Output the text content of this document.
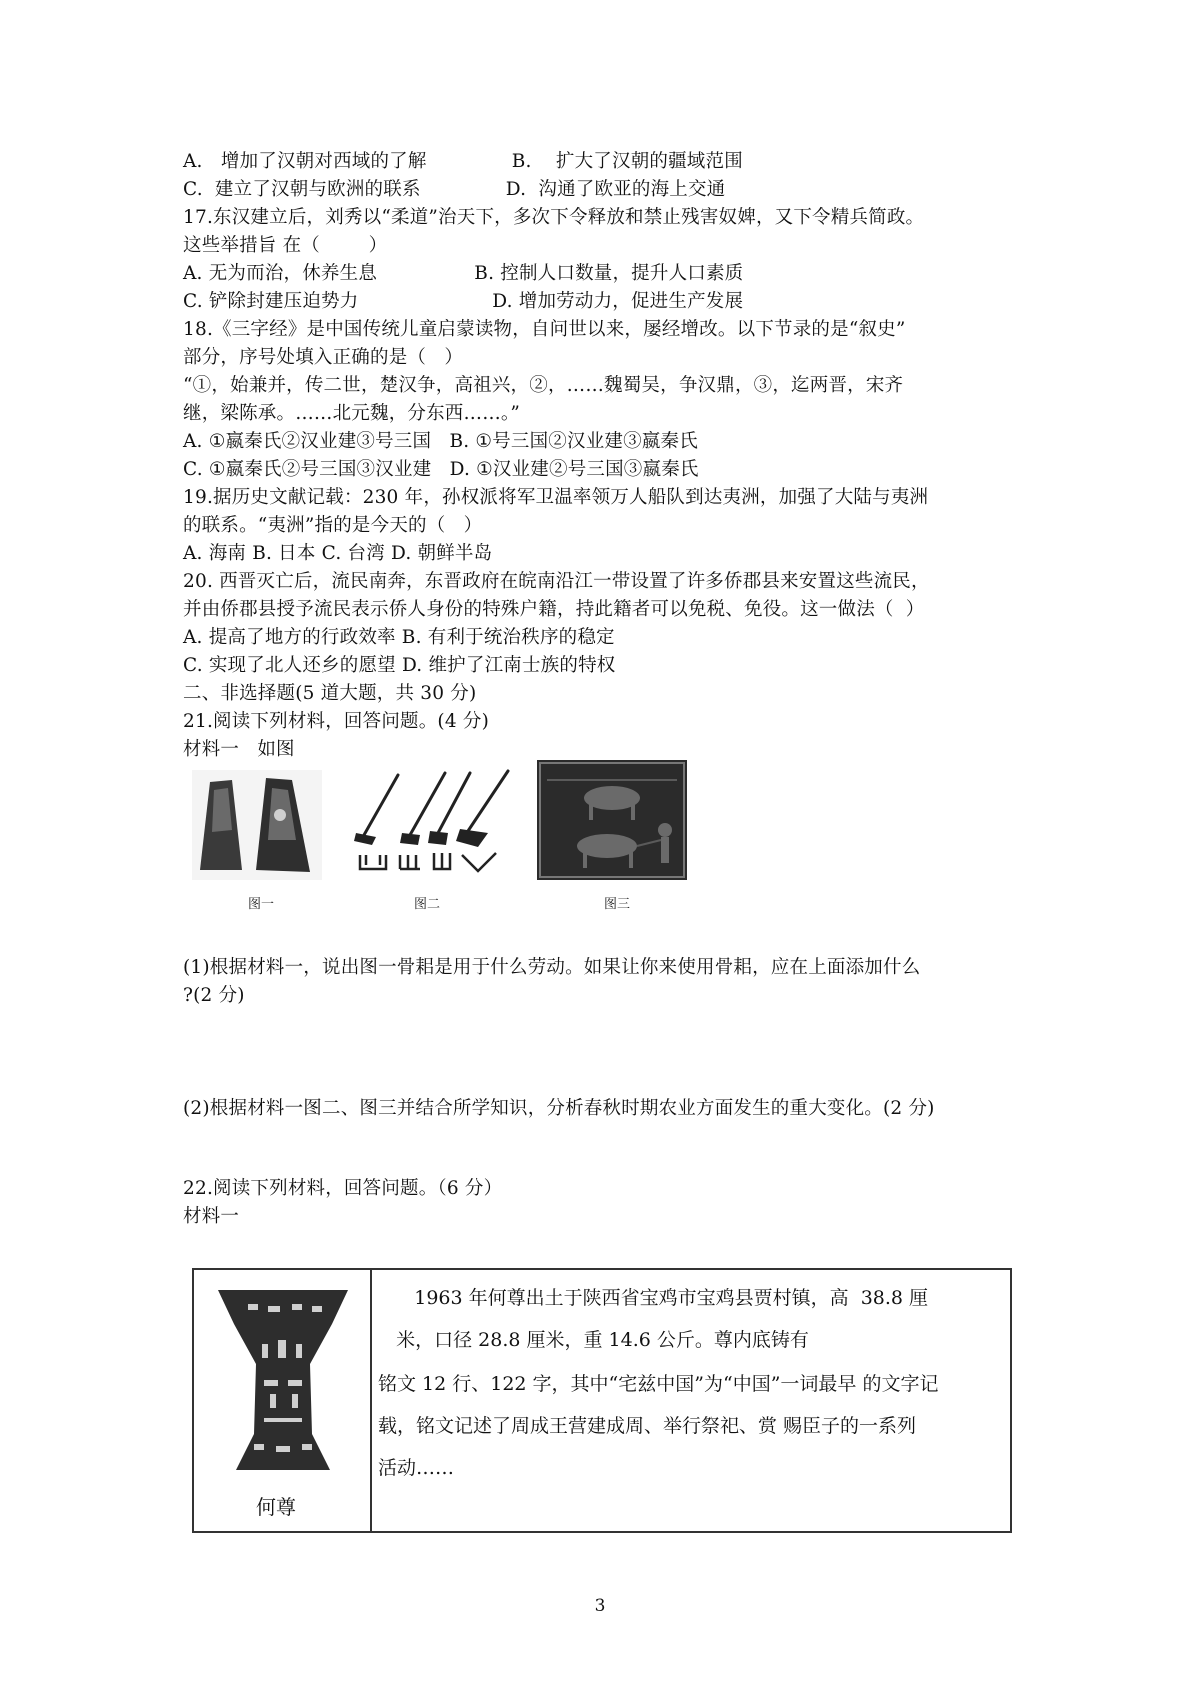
A.   增加了汉朝对西域的了解              B.    扩大了汉朝的疆域范围
C.  建立了汉朝与欧洲的联系              D.  沟通了欧亚的海上交通
17.东汉建立后，刘秀以“柔道”治天下，多次下令释放和禁止残害奴婢，又下令精兵简政。
这些举措旨 在（        ）
A. 无为而治，休养生息                B. 控制人口数量，提升人口素质
C. 铲除封建压迫势力                      D. 增加劳动力，促进生产发展
18.《三字经》是中国传统儿童启蒙读物，自问世以来，屡经增改。以下节录的是“叙史”
部分，序号处填入正确的是（   ）
“①，始兼并，传二世，楚汉争，高祖兴，②，……魏蜀吴，争汉鼎，③，迄两晋，宋齐
继，梁陈承。……北元魏，分东西……。”
A. ①嬴秦氏②汉业建③号三国   B. ①号三国②汉业建③嬴秦氏
C. ①嬴秦氏②号三国③汉业建   D. ①汉业建②号三国③嬴秦氏
19.据历史文献记载：230 年，孙权派将军卫温率领万人船队到达夷洲，加强了大陆与夷洲
的联系。“夷洲”指的是今天的（   ）
A. 海南 B. 日本 C. 台湾 D. 朝鲜半岛
20. 西晋灭亡后，流民南奔，东晋政府在皖南沿江一带设置了许多侨郡县来安置这些流民，
并由侨郡县授予流民表示侨人身份的特殊户籍，持此籍者可以免税、免役。这一做法（  ）
A. 提高了地方的行政效率 B. 有利于统治秩序的稳定
C. 实现了北人还乡的愿望 D. 维护了江南士族的特权
二、非选择题(5 道大题，共 30 分)
21.阅读下列材料，回答问题。(4 分)
材料一   如图
图一	图二	图三
(1)根据材料一，说出图一骨耜是用于什么劳动。如果让你来使用骨耜，应在上面添加什么
?(2 分)
(2)根据材料一图二、图三并结合所学知识，分析春秋时期农业方面发生的重大变化。(2 分)
22.阅读下列材料，回答问题。（6 分）
材料一
何尊
1963 年何尊出土于陕西省宝鸡市宝鸡县贾村镇，高  38.8 厘
米，口径 28.8 厘米，重 14.6 公斤。尊内底铸有
铭文 12 行、122 字，其中“宅兹中国”为“中国”一词最早 的文字记
载，铭文记述了周成王营建成周、举行祭祀、赏 赐臣子的一系列
活动……
3
